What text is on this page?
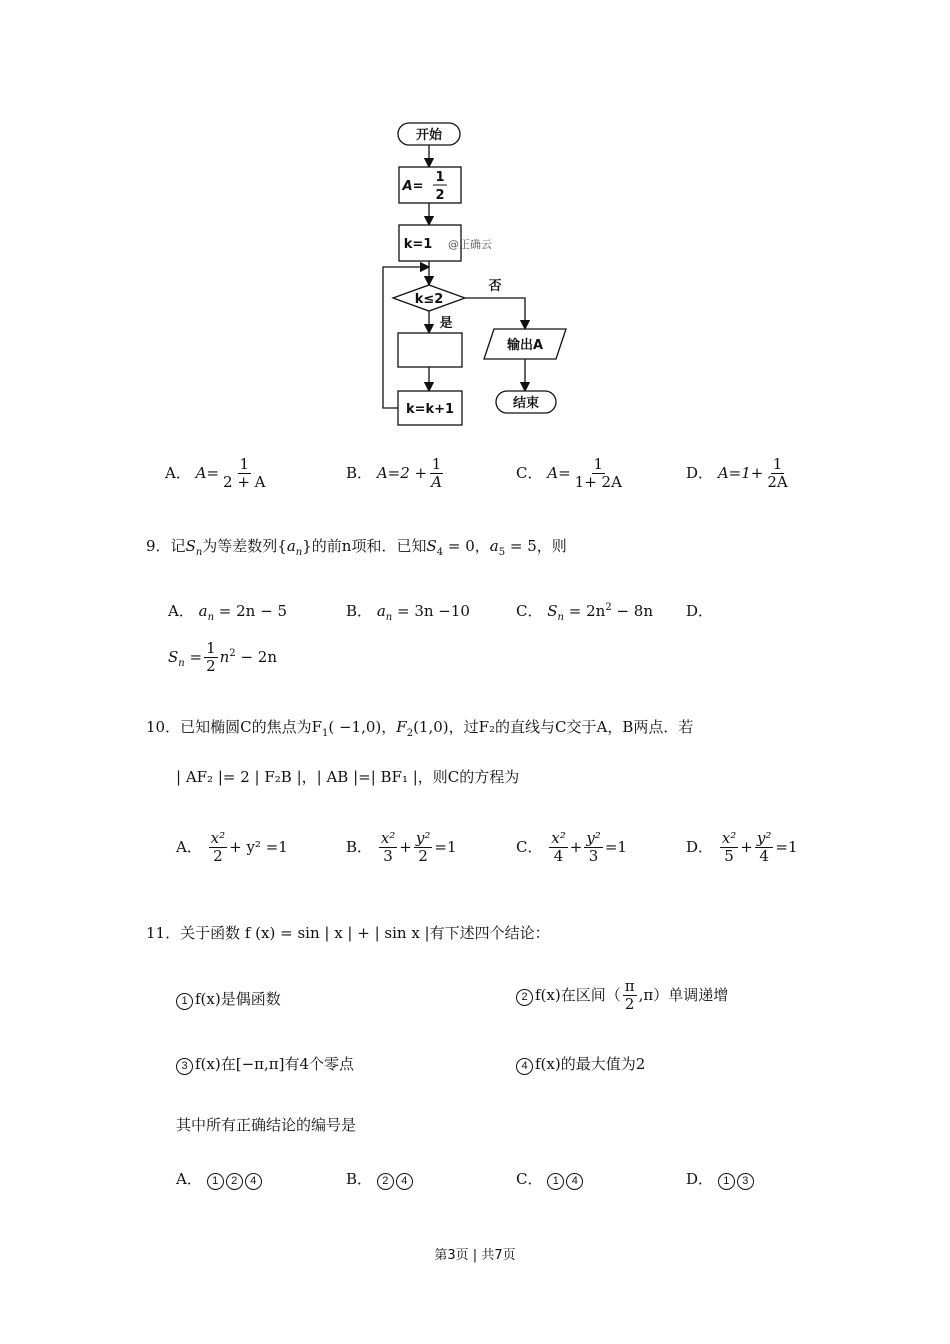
开始
A=
1
2
k=1 @正确云
k≤2
否
输出A
结束
是
k=k+1
A． $A= \frac{1}{2 + A}$	B． $A=2 + \frac{1}{A}$	C． $A= \frac{1}{1+ 2A}$	D． $A=1+ \frac{1}{2A}$
9．记$S_n$为等差数列$\{a_n\}$的前n项和．已知$S_4 = 0$，$a_5 = 5$，则
A． $a_n = 2n - 5$	B． $a_n = 3n -10$	C． $S_n = 2n^2 - 8n$ D．
$S_n = \frac{1}{2} n^2 - 2n$
10．已知椭圆C的焦点为$F_1( -1,0)$，$F_2(1,0)$，过F₂的直线与C交于A，B两点．若
| AF₂ |= 2 | F₂B |，| AB |=| BF₁ |，则C的方程为
A． $\frac{\text{x²}}{2} + y^2 =1$	B． $\frac{\text{x²}}{3} + \frac{\text{y²}}{2} =1$	C． $\frac{\text{x²}}{4} + \frac{\text{y²}}{3} =1$	D． $\frac{\text{x²}}{5} + \frac{\text{y²}}{4} =1$
11．关于函数 f (x) = sin | x | + | sin x |有下述四个结论：
1 f(x)是偶函数	2 f(x)在区间（ $\frac{\pi}{2} ,\pi$）单调递增
3 f(x)在[−π,π]有4个零点	4 f(x)的最大值为2
其中所有正确结论的编号是
A． 1 2 4	B． 2 4	C． 1 4	D． 1 3
第3页 | 共7页
